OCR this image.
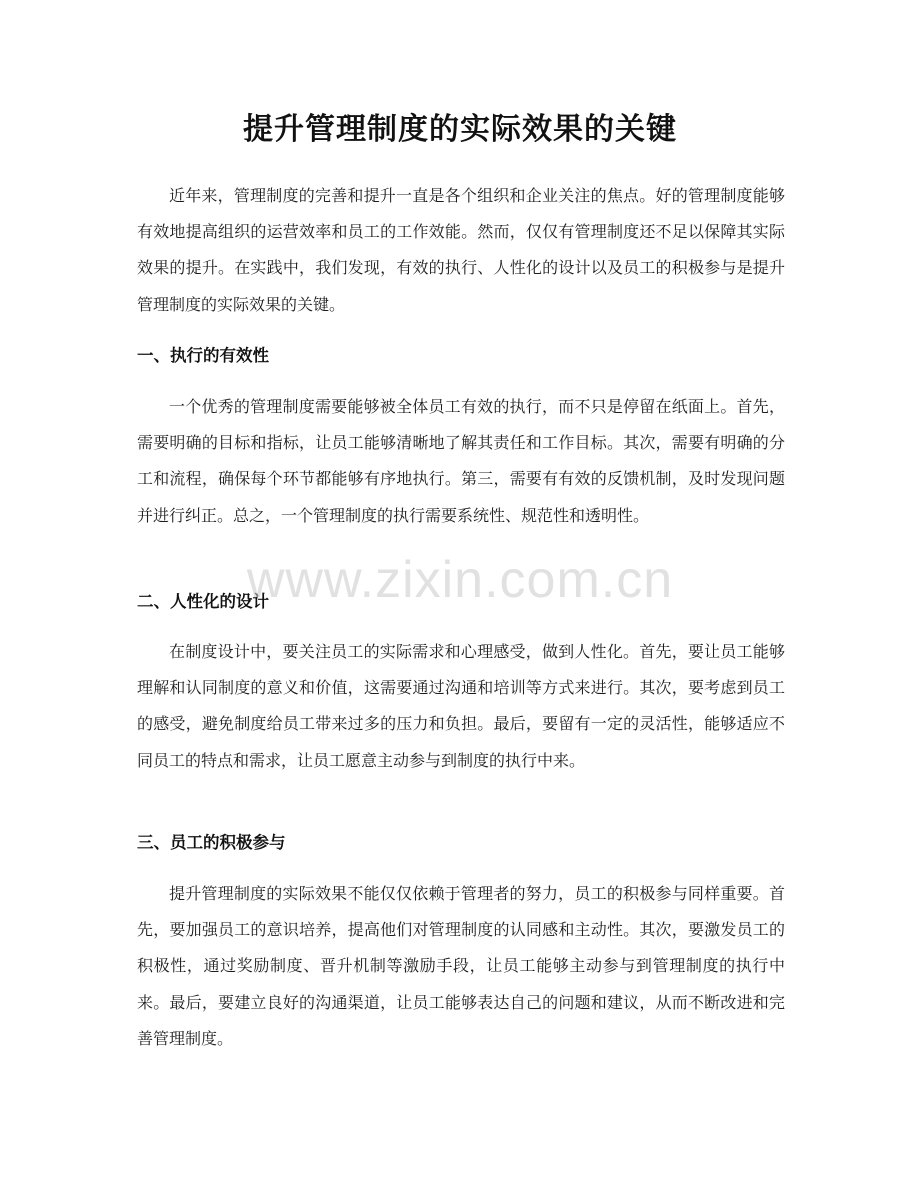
提升管理制度的实际效果的关键
近年来，管理制度的完善和提升一直是各个组织和企业关注的焦点。好的管理制度能够有效地提高组织的运营效率和员工的工作效能。然而，仅仅有管理制度还不足以保障其实际效果的提升。在实践中，我们发现，有效的执行、人性化的设计以及员工的积极参与是提升管理制度的实际效果的关键。
一、执行的有效性
一个优秀的管理制度需要能够被全体员工有效的执行，而不只是停留在纸面上。首先，需要明确的目标和指标，让员工能够清晰地了解其责任和工作目标。其次，需要有明确的分工和流程，确保每个环节都能够有序地执行。第三，需要有有效的反馈机制，及时发现问题并进行纠正。总之，一个管理制度的执行需要系统性、规范性和透明性。
二、人性化的设计
在制度设计中，要关注员工的实际需求和心理感受，做到人性化。首先，要让员工能够理解和认同制度的意义和价值，这需要通过沟通和培训等方式来进行。其次，要考虑到员工的感受，避免制度给员工带来过多的压力和负担。最后，要留有一定的灵活性，能够适应不同员工的特点和需求，让员工愿意主动参与到制度的执行中来。
三、员工的积极参与
提升管理制度的实际效果不能仅仅依赖于管理者的努力，员工的积极参与同样重要。首先，要加强员工的意识培养，提高他们对管理制度的认同感和主动性。其次，要激发员工的积极性，通过奖励制度、晋升机制等激励手段，让员工能够主动参与到管理制度的执行中来。最后，要建立良好的沟通渠道，让员工能够表达自己的问题和建议，从而不断改进和完善管理制度。
www.zixin.com.cn
